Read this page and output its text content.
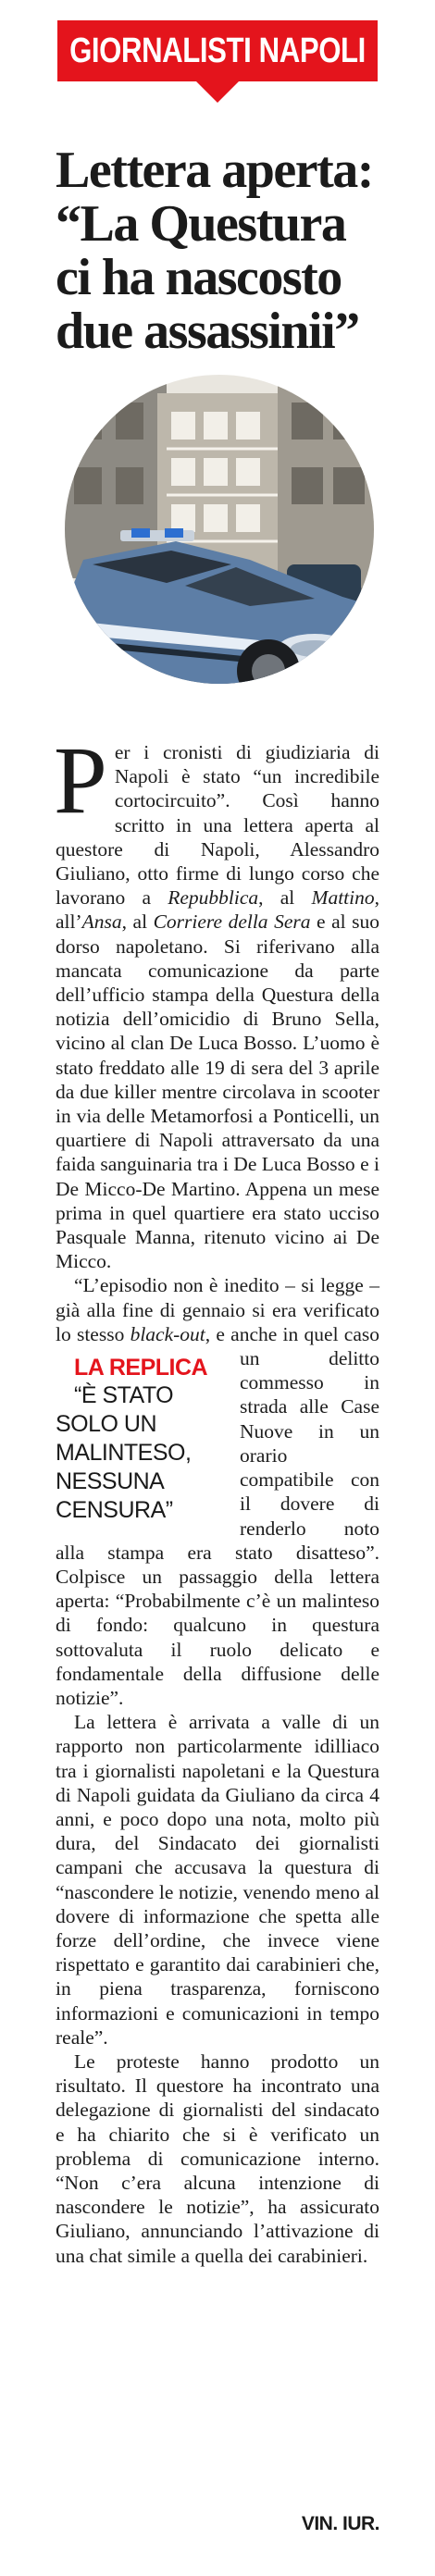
GIORNALISTI NAPOLI
Lettera aperta:
“La Questura
ci ha nascosto
due assassinii”

Per i cronisti di giudiziaria di Napoli è stato “un incredibile cortocircuito”. Così hanno scritto in una lettera aperta al questore di Napoli, Alessandro Giuliano, otto firme di lungo corso che lavorano a Repubblica, al Mattino, all’Ansa, al Corriere della Sera e al suo dorso napoletano. Si riferivano alla mancata comunicazione da parte dell’ufficio stampa della Questura della notizia dell’omicidio di Bruno Sella, vicino al clan De Luca Bosso. L’uomo è stato freddato alle 19 di sera del 3 aprile da due killer mentre circolava in scooter in via delle Metamorfosi a Ponticelli, un quartiere di Napoli attraversato da una faida sanguinaria tra i De Luca Bosso e i De Micco-De Martino. Appena un mese prima in quel quartiere era stato ucciso Pasquale Manna, ritenuto vicino ai De Micco.

“L’episodio non è inedito – si legge – già alla fine di gennaio si era verificato lo stesso black-out
LA REPLICA
“È STATO SOLO UN MALINTESO, NESSUNA CENSURA”
, e anche in quel caso un delitto commesso in strada alle Case Nuove in un orario compatibile con il dovere di renderlo noto alla stampa era stato disatteso”. Colpisce un passaggio della lettera aperta: “Probabilmente c’è un malinteso di fondo: qualcuno in questura sottovaluta il ruolo delicato e fondamentale della diffusione delle notizie”.

La lettera è arrivata a valle di un rapporto non particolarmente idilliaco tra i giornalisti napoletani e la Questura di Napoli guidata da Giuliano da circa 4 anni, e poco dopo una nota, molto più dura, del Sindacato dei giornalisti campani che accusava la questura di “nascondere le notizie, venendo meno al dovere di informazione che spetta alle forze dell’ordine, che invece viene rispettato e garantito dai carabinieri che, in piena trasparenza, forniscono informazioni e comunicazioni in tempo reale”.

Le proteste hanno prodotto un risultato. Il questore ha incontrato una delegazione di giornalisti del sindacato e ha chiarito che si è verificato un problema di comunicazione interno. “Non c’era alcuna intenzione di nascondere le notizie”, ha assicurato Giuliano, annunciando l’attivazione di una chat simile a quella dei carabinieri.

VIN. IUR.
